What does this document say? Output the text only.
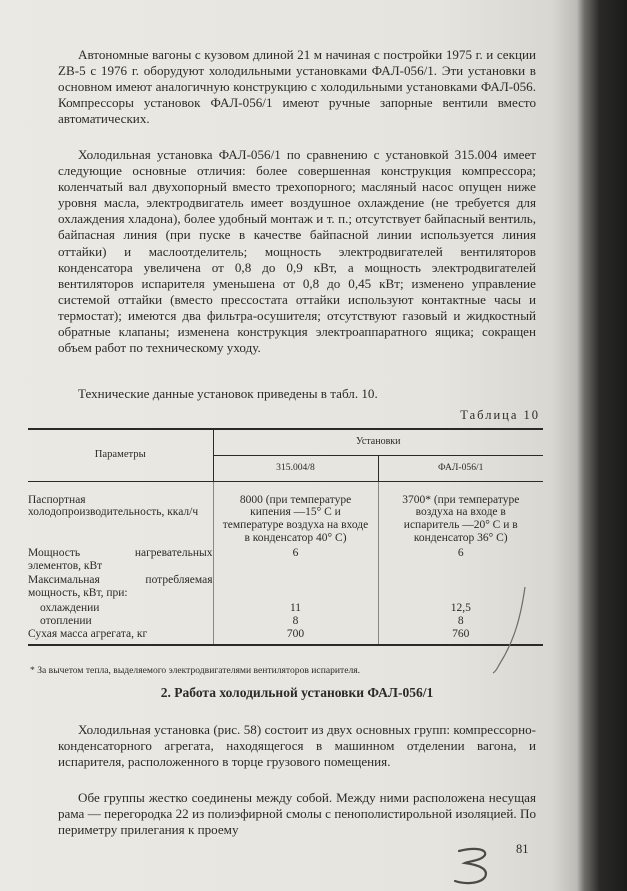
Автономные вагоны с кузовом длиной 21 м начиная с постройки 1975 г. и секции ZB-5 с 1976 г. оборудуют холодильными установками ФАЛ-056/1. Эти установки в основном имеют аналогичную конструкцию с холодильными установками ФАЛ-056. Компрессоры установок ФАЛ-056/1 имеют ручные запорные вентили вместо автоматических.

Холодильная установка ФАЛ-056/1 по сравнению с установкой 315.004 имеет следующие основные отличия: более совершенная конструкция компрессора; коленчатый вал двухопорный вместо трехопорного; масляный насос опущен ниже уровня масла, электродвигатель имеет воздушное охлаждение (не требуется для охлаждения хладона), более удобный монтаж и т. п.; отсутствует байпасный вентиль, байпасная линия (при пуске в качестве байпасной линии используется линия оттайки) и маслоотделитель; мощность электродвигателей вентиляторов конденсатора увеличена от 0,8 до 0,9 кВт, а мощность электродвигателей вентиляторов испарителя уменьшена от 0,8 до 0,45 кВт; изменено управление системой оттайки (вместо прессостата оттайки используют контактные часы и термостат); имеются два фильтра-осушителя; отсутствуют газовый и жидкостный обратные клапаны; изменена конструкция электроаппаратного ящика; сокращен объем работ по техническому уходу.

Технические данные установок приведены в табл. 10.

Таблица 10
Параметры	Установки	
	315.004/8	ФАЛ-056/1
Паспортная холодопроизводительность, ккал/ч	8000 (при температуре кипения —15° С и температуре воздуха на входе в конденсатор 40° С)	3700* (при температуре воздуха на входе в испаритель —20° С и в конденсатор 36° С)
Мощность нагревательных элементов, кВт	6	6
Максимальная потребляемая мощность, кВт, при:		
охлаждении	11	12,5
отоплении	8	8
Сухая масса агрегата, кг	700	760

* За вычетом тепла, выделяемого электродвигателями вентиляторов испарителя.
2. Работа холодильной установки ФАЛ-056/1

Холодильная установка (рис. 58) состоит из двух основных групп: компрессорно-конденсаторного агрегата, находящегося в машинном отделении вагона, и испарителя, расположенного в торце грузового помещения.

Обе группы жестко соединены между собой. Между ними расположена несущая рама — перегородка 22 из полиэфирной смолы с пенополистирольной изоляцией. По периметру прилегания к проему

81
